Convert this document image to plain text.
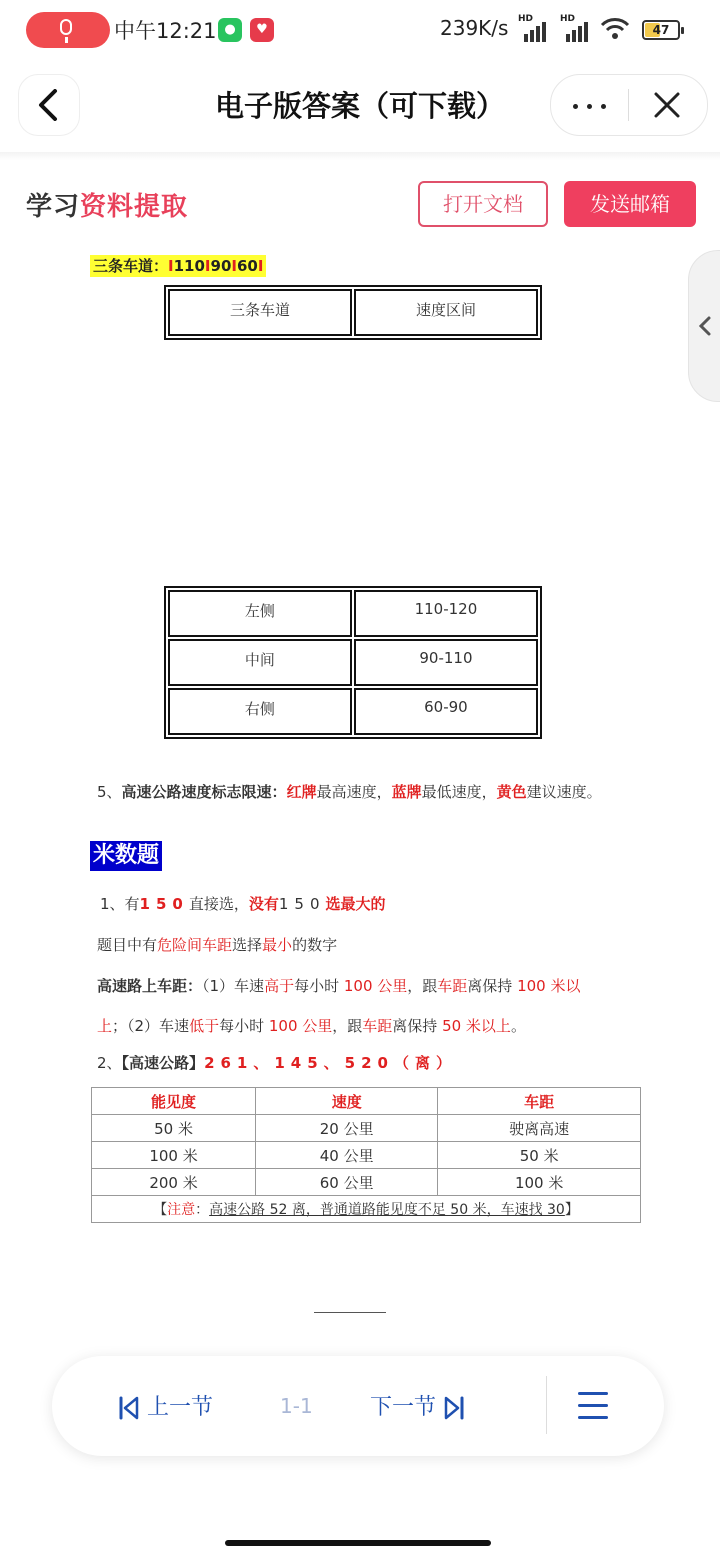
中午12:21 ●	♥	239K/s HD	HD
47
电子版答案（可下载）
学习资料提取	打开文档	发送邮箱
三条车道：I110I90I60I
三条车道	速度区间
左侧	110-120
中间	90-110
右侧	60-90
5、高速公路速度标志限速：红牌最高速度，蓝牌最低速度，黄色建议速度。
米数题
1、有150直接选，没有150选最大的
题目中有危险间车距选择最小的数字
高速路上车距：（1）车速高于每小时 100 公里，跟车距离保持 100 米以
上；（2）车速低于每小时 100 公里，跟车距离保持 50 米以上。
2、【高速公路】261、145、520（离）
能见度	速度	车距
50 米	20 公里	驶离高速
100 米	40 公里	50 米
200 米	60 公里	100 米
【注意：高速公路 52 离，普通道路能见度不足 50 米，车速找 30】		
上一节	1-1	下一节
